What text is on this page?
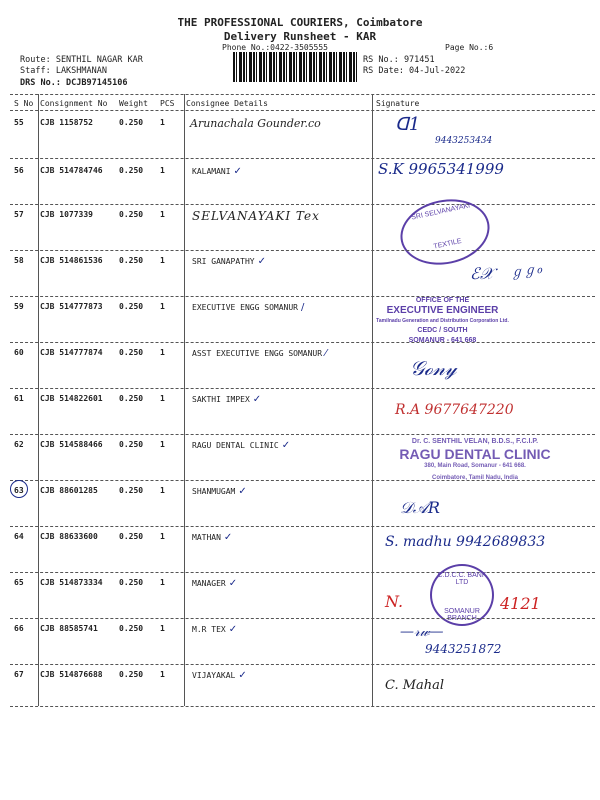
THE PROFESSIONAL COURIERS, Coimbatore
Delivery Runsheet - KAR
Phone No.:0422-3505555	Page No.:6
Route: SENTHIL NAGAR KAR
Staff: LAKSHMANAN
DRS No.: DCJB97145106
RS No.: 971451
RS Date: 04-Jul-2022
S No Consignment No Weight PCS Consignee Details	Signature
55 CJB 1158752	0.250 1 Arunachala Gounder.co	ᗡ1
9443253434
56 CJB 514784746 0.250 1	KALAMANI ✓	S.K 9965341999
57 CJB 1077339	0.250 1 SELVANAYAKI Tex	SRI SELVANAYAKI
TEXTILE
58 CJB 514861536 0.250 1	SRI GANAPATHY ✓
ℰ𝒳 ℊℊℴ
59 CJB 514777873 0.250 1	EXECUTIVE ENGG SOMANUR /
OFFICE OF THE
EXECUTIVE ENGINEER
Tamilnadu Generation and Distribution Corporation Ltd.
CEDC / SOUTH
SOMANUR - 641 668
60 CJB 514777874 0.250 1	ASST EXECUTIVE ENGG SOMANUR ⁄
𝒢ℴ𝓃𝓎
61 CJB 514822601 0.250 1	SAKTHI IMPEX ✓
R.A 9677647220
62 CJB 514588466 0.250 1	RAGU DENTAL CLINIC ✓	Dr. C. SENTHIL VELAN, B.D.S., F.C.I.P.
RAGU DENTAL CLINIC
380, Main Road, Somanur - 641 668.
Coimbatore, Tamil Nadu, India
63 CJB 88601285	0.250 1	SHANMUGAM ✓
𝒟𝒜𝑅
64 CJB 88633600	0.250 1	MATHAN ✓	S. madhu 9942689833
65 CJB 514873334 0.250 1	MANAGER ✓
N.
C.D.C.C. BANK LTD
SOMANUR BRANCH
4121
66 CJB 88585741	0.250 1	M.R TEX ✓	—𝓇𝓌—
9443251872
67 CJB 514876688 0.250 1	VIJAYAKAL ✓
C. Mahal
